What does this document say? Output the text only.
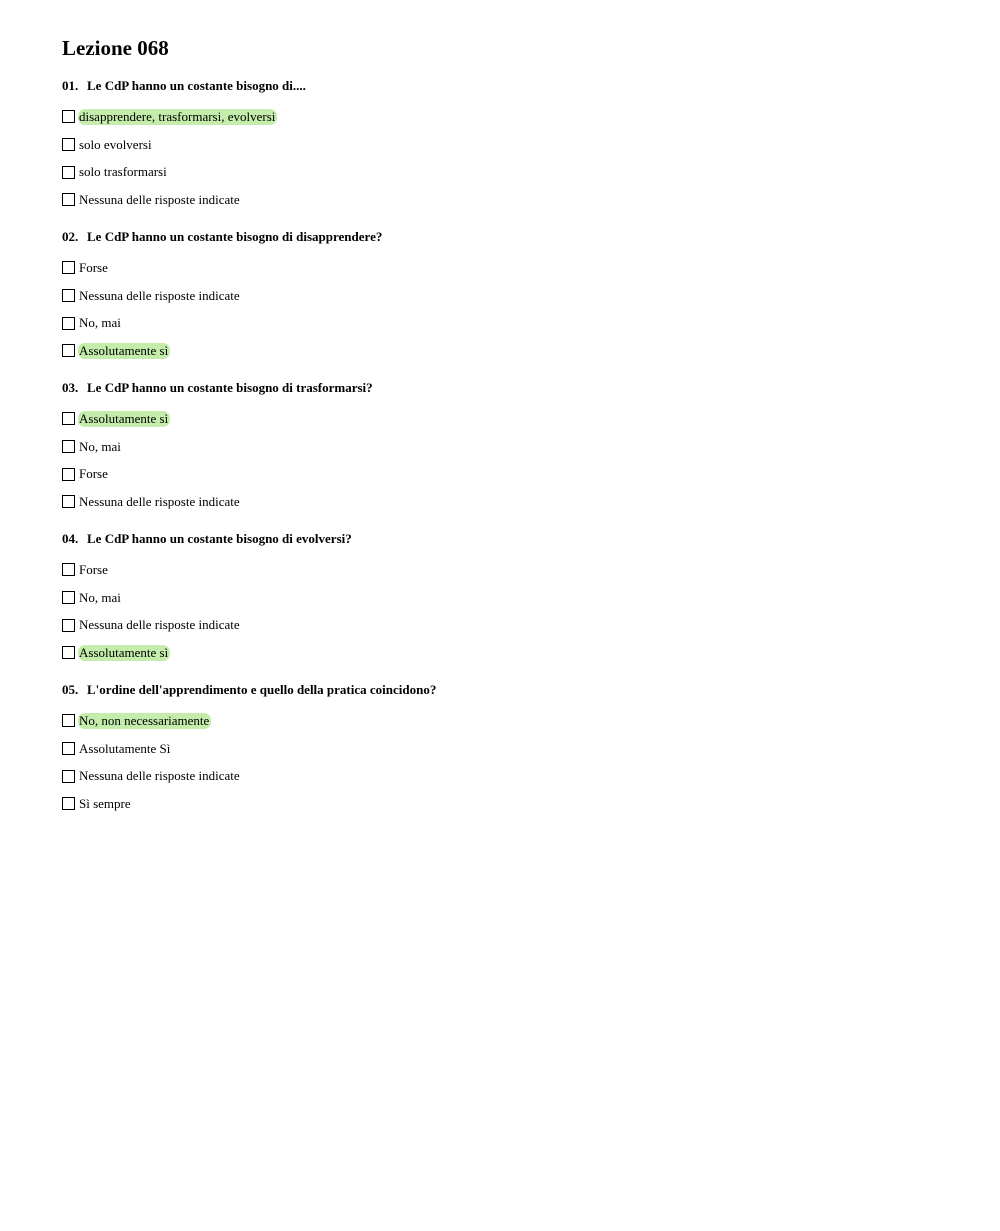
Lezione 068

01. Le CdP hanno un costante bisogno di....

disapprendere, trasformarsi, evolversi
solo evolversi
solo trasformarsi
Nessuna delle risposte indicate

02. Le CdP hanno un costante bisogno di disapprendere?

Forse
Nessuna delle risposte indicate
No, mai
Assolutamente sì

03. Le CdP hanno un costante bisogno di trasformarsi?

Assolutamente sì
No, mai
Forse
Nessuna delle risposte indicate

04. Le CdP hanno un costante bisogno di evolversi?

Forse
No, mai
Nessuna delle risposte indicate
Assolutamente sì

05. L'ordine dell'apprendimento e quello della pratica coincidono?

No, non necessariamente
Assolutamente Sì
Nessuna delle risposte indicate
Sì sempre
